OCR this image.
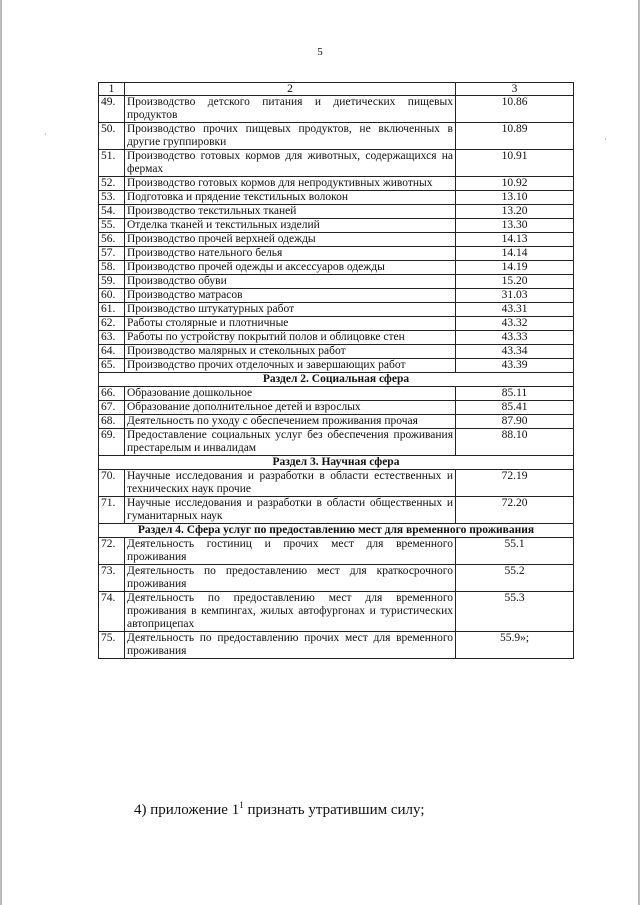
·
·
5
1	2	3
49.	Производство детского питания и диетических пищевых продуктов	10.86
50.	Производство прочих пищевых продуктов, не включенных в другие группировки	10.89
51.	Производство готовых кормов для животных, содержащихся на фермах	10.91
52.	Производство готовых кормов для непродуктивных животных	10.92
53.	Подготовка и прядение текстильных волокон	13.10
54.	Производство текстильных тканей	13.20
55.	Отделка тканей и текстильных изделий	13.30
56.	Производство прочей верхней одежды	14.13
57.	Производство нательного белья	14.14
58.	Производство прочей одежды и аксессуаров одежды	14.19
59.	Производство обуви	15.20
60.	Производство матрасов	31.03
61.	Производство штукатурных работ	43.31
62.	Работы столярные и плотничные	43.32
63.	Работы по устройству покрытий полов и облицовке стен	43.33
64.	Производство малярных и стекольных работ	43.34
65.	Производство прочих отделочных и завершающих работ	43.39
Раздел 2. Социальная сфера		
66.	Образование дошкольное	85.11
67.	Образование дополнительное детей и взрослых	85.41
68.	Деятельность по уходу с обеспечением проживания прочая	87.90
69.	Предоставление социальных услуг без обеспечения проживания престарелым и инвалидам	88.10
Раздел 3. Научная сфера		
70.	Научные исследования и разработки в области естественных и технических наук прочие	72.19
71.	Научные исследования и разработки в области общественных и гуманитарных наук	72.20
Раздел 4. Сфера услуг по предоставлению мест для временного проживания		
72.	Деятельность гостиниц и прочих мест для временного проживания	55.1
73.	Деятельность по предоставлению мест для краткосрочного проживания	55.2
74.	Деятельность по предоставлению мест для временного проживания в кемпингах, жилых автофургонах и туристических автоприцепах	55.3
75.	Деятельность по предоставлению прочих мест для временного проживания	55.9»;
4) приложение $1^1$ признать утратившим силу;
